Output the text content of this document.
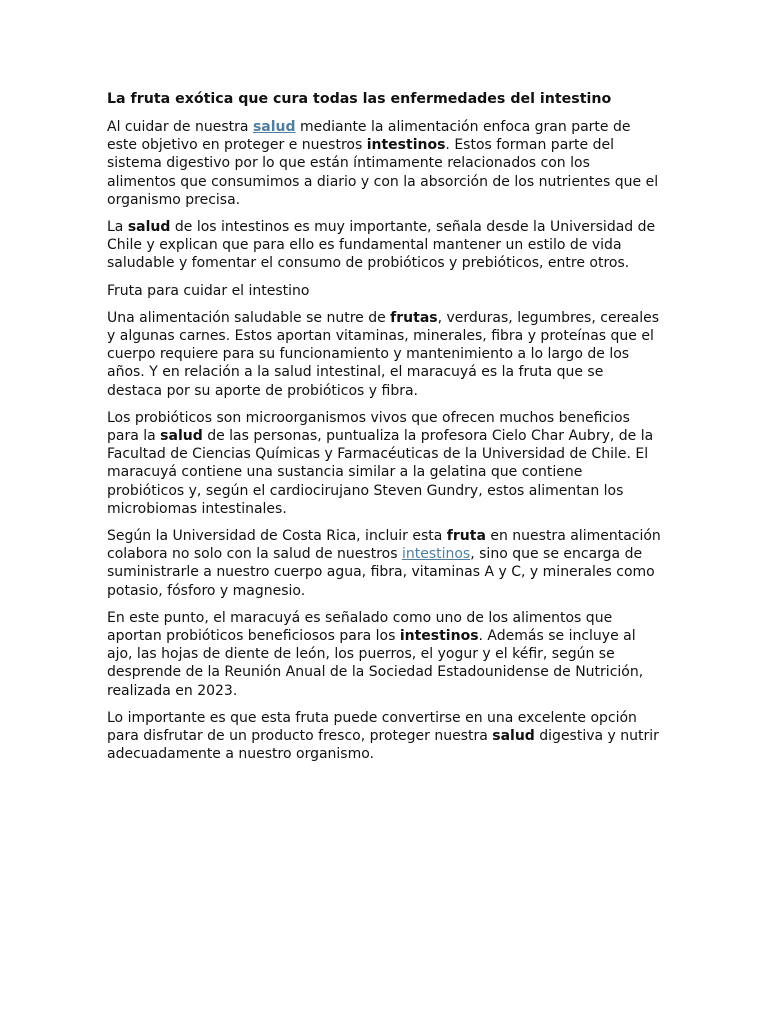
La fruta exótica que cura todas las enfermedades del intestino

Al cuidar de nuestra salud mediante la alimentación enfoca gran parte de este objetivo en proteger e nuestros intestinos. Estos forman parte del sistema digestivo por lo que están íntimamente relacionados con los alimentos que consumimos a diario y con la absorción de los nutrientes que el organismo precisa.

La salud de los intestinos es muy importante, señala desde la Universidad de Chile y explican que para ello es fundamental mantener un estilo de vida saludable y fomentar el consumo de probióticos y prebióticos, entre otros.

Fruta para cuidar el intestino

Una alimentación saludable se nutre de frutas, verduras, legumbres, cereales y algunas carnes. Estos aportan vitaminas, minerales, fibra y proteínas que el cuerpo requiere para su funcionamiento y mantenimiento a lo largo de los años. Y en relación a la salud intestinal, el maracuyá es la fruta que se destaca por su aporte de probióticos y fibra.

Los probióticos son microorganismos vivos que ofrecen muchos beneficios para la salud de las personas, puntualiza la profesora Cielo Char Aubry, de la Facultad de Ciencias Químicas y Farmacéuticas de la Universidad de Chile. El maracuyá contiene una sustancia similar a la gelatina que contiene probióticos y, según el cardiocirujano Steven Gundry, estos alimentan los microbiomas intestinales.

Según la Universidad de Costa Rica, incluir esta fruta en nuestra alimentación colabora no solo con la salud de nuestros intestinos, sino que se encarga de suministrarle a nuestro cuerpo agua, fibra, vitaminas A y C, y minerales como potasio, fósforo y magnesio.

En este punto, el maracuyá es señalado como uno de los alimentos que aportan probióticos beneficiosos para los intestinos. Además se incluye al ajo, las hojas de diente de león, los puerros, el yogur y el kéfir, según se desprende de la Reunión Anual de la Sociedad Estadounidense de Nutrición, realizada en 2023.

Lo importante es que esta fruta puede convertirse en una excelente opción para disfrutar de un producto fresco, proteger nuestra salud digestiva y nutrir adecuadamente a nuestro organismo.
